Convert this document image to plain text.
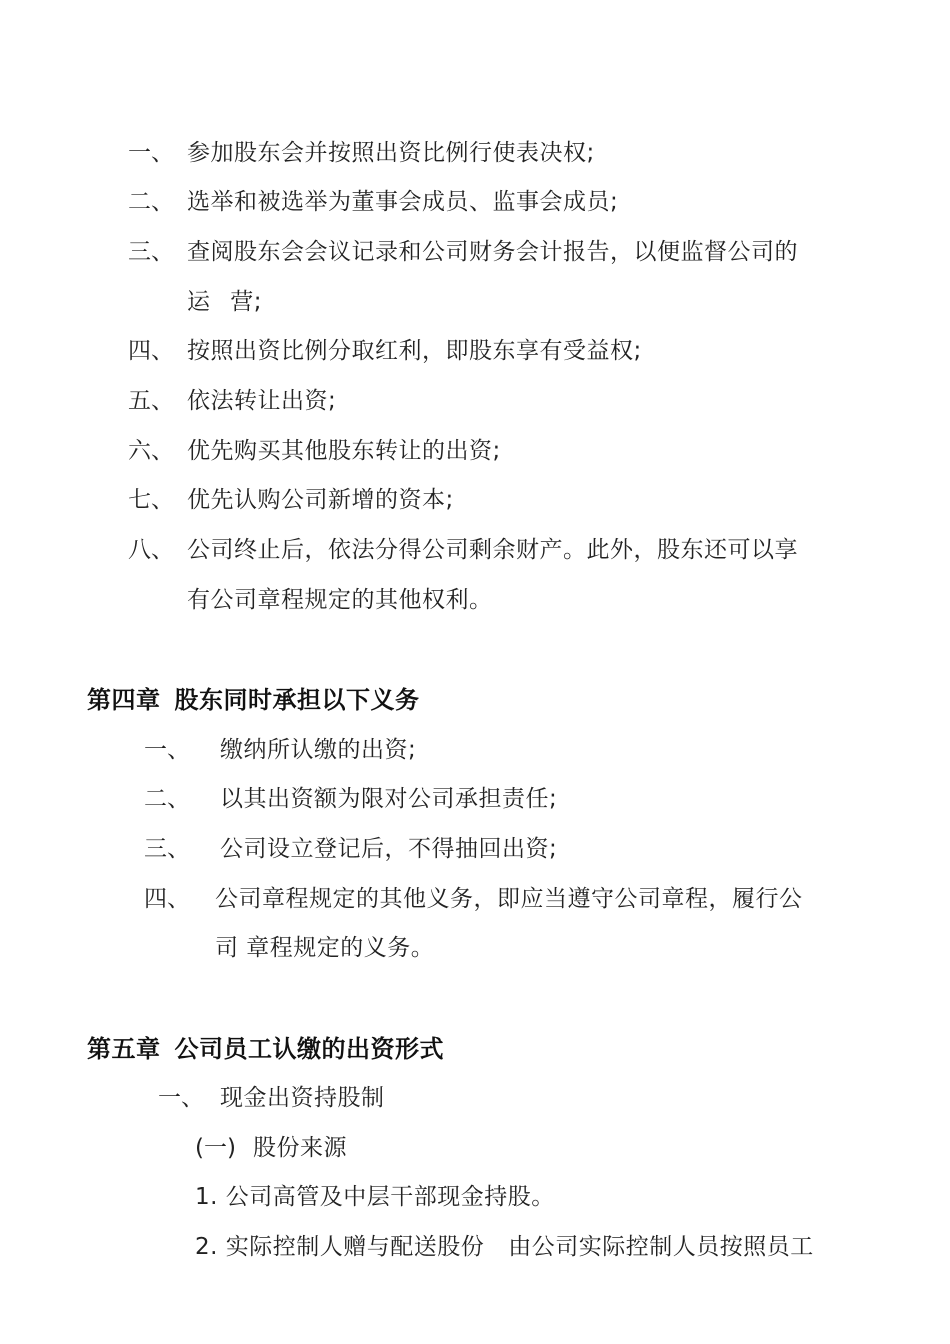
一、 参加股东会并按照出资比例行使表决权;
二、 选举和被选举为董事会成员、监事会成员;
三、 查阅股东会会议记录和公司财务会计报告，以便监督公司的
运 营;
四、 按照出资比例分取红利，即股东享有受益权;
五、 依法转让出资;
六、 优先购买其他股东转让的出资;
七、 优先认购公司新增的资本;
八、 公司终止后，依法分得公司剩余财产。此外，股东还可以享
有公司章程规定的其他权利。
第四章 股东同时承担以下义务
一、 缴纳所认缴的出资;
二、 以其出资额为限对公司承担责任;
三、 公司设立登记后，不得抽回出资;
四、 公司章程规定的其他义务，即应当遵守公司章程，履行公
司 章程规定的义务。
第五章 公司员工认缴的出资形式
一、 现金出资持股制
(一) 股份来源
1. 公司高管及中层干部现金持股。
2. 实际控制人赠与配送股份 由公司实际控制人员按照员工
